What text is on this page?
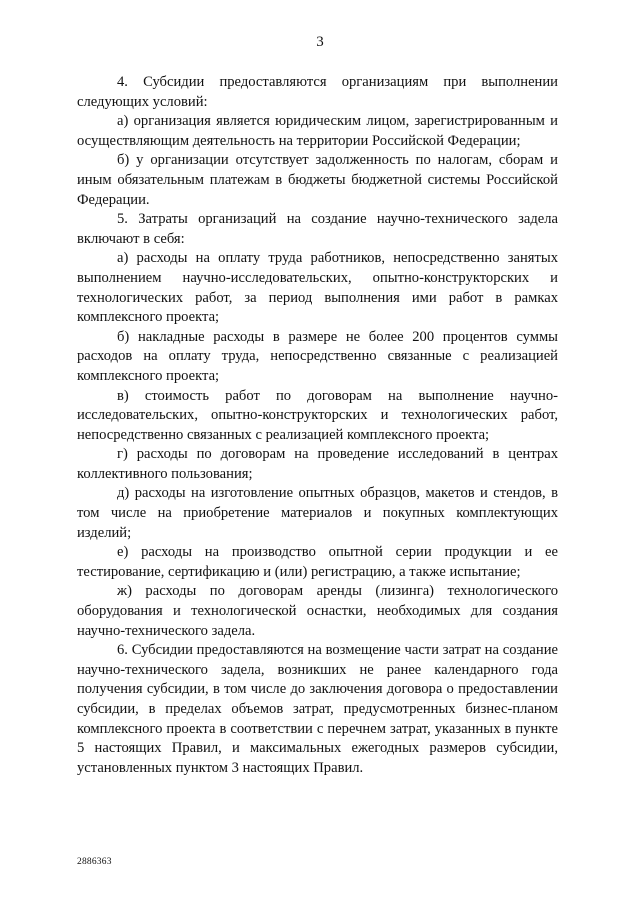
3

4. Субсидии предоставляются организациям при выполнении следующих условий:

а) организация является юридическим лицом, зарегистрированным и осуществляющим деятельность на территории Российской Федерации;

б) у организации отсутствует задолженность по налогам, сборам и иным обязательным платежам в бюджеты бюджетной системы Российской Федерации.

5. Затраты организаций на создание научно-технического задела включают в себя:

а) расходы на оплату труда работников, непосредственно занятых выполнением научно-исследовательских, опытно-конструкторских и технологических работ, за период выполнения ими работ в рамках комплексного проекта;

б) накладные расходы в размере не более 200 процентов суммы расходов на оплату труда, непосредственно связанные с реализацией комплексного проекта;

в) стоимость работ по договорам на выполнение научно-исследовательских, опытно-конструкторских и технологических работ, непосредственно связанных с реализацией комплексного проекта;

г) расходы по договорам на проведение исследований в центрах коллективного пользования;

д) расходы на изготовление опытных образцов, макетов и стендов, в том числе на приобретение материалов и покупных комплектующих изделий;

е) расходы на производство опытной серии продукции и ее тестирование, сертификацию и (или) регистрацию, а также испытание;

ж) расходы по договорам аренды (лизинга) технологического оборудования и технологической оснастки, необходимых для создания научно-технического задела.

6. Субсидии предоставляются на возмещение части затрат на создание научно-технического задела, возникших не ранее календарного года получения субсидии, в том числе до заключения договора о предоставлении субсидии, в пределах объемов затрат, предусмотренных бизнес-планом комплексного проекта в соответствии с перечнем затрат, указанных в пункте 5 настоящих Правил, и максимальных ежегодных размеров субсидии, установленных пунктом 3 настоящих Правил.

2886363
